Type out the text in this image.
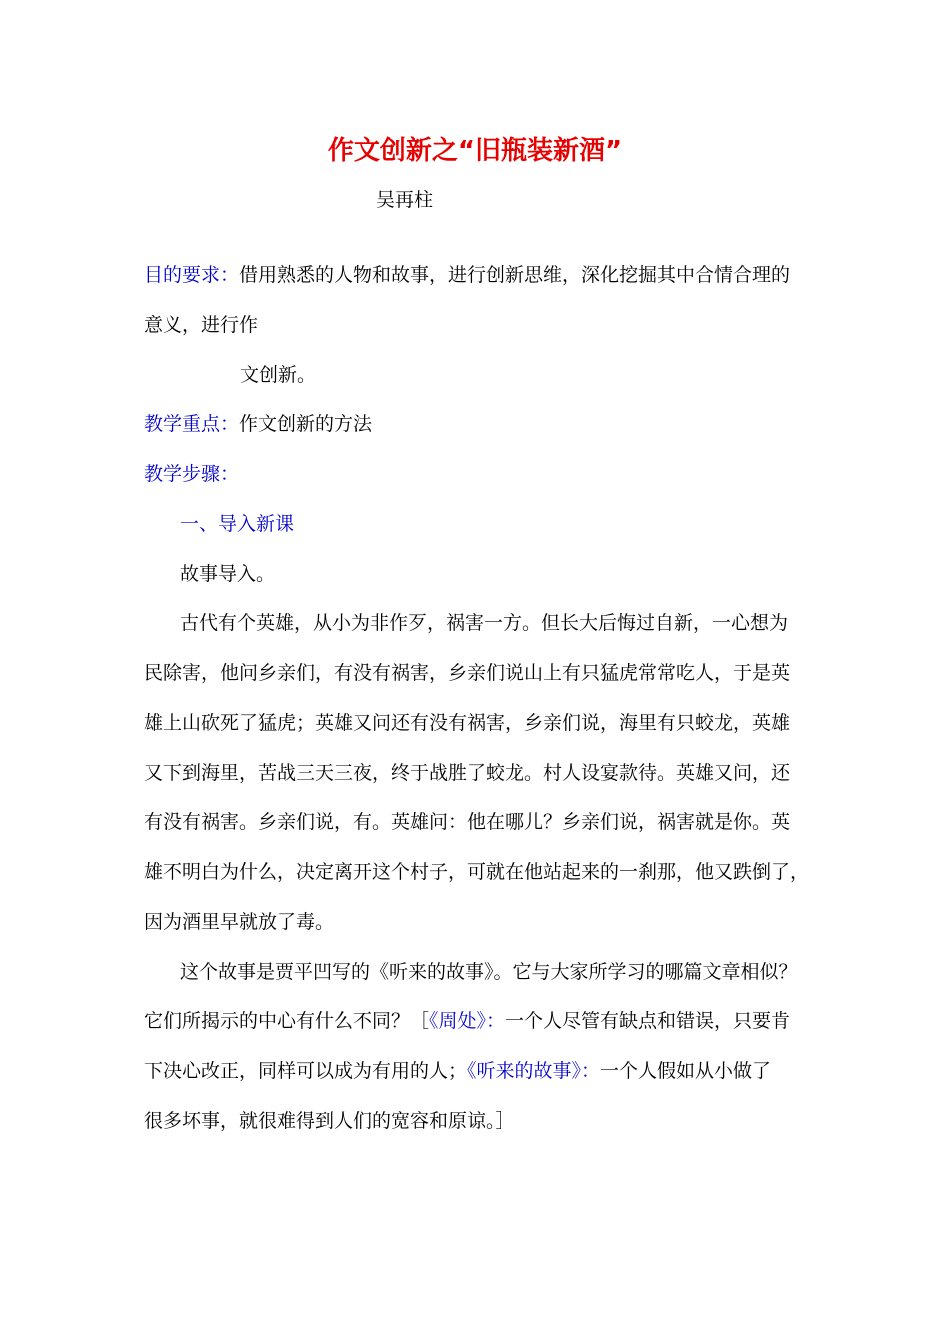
作文创新之“旧瓶装新酒”
吴再柱
目的要求：借用熟悉的人物和故事，进行创新思维，深化挖掘其中合情合理的
意义，进行作
文创新。
教学重点：作文创新的方法
教学步骤：
一、导入新课
故事导入。
古代有个英雄，从小为非作歹，祸害一方。但长大后悔过自新，一心想为
民除害，他问乡亲们，有没有祸害，乡亲们说山上有只猛虎常常吃人，于是英
雄上山砍死了猛虎；英雄又问还有没有祸害，乡亲们说，海里有只蛟龙，英雄
又下到海里，苦战三天三夜，终于战胜了蛟龙。村人设宴款待。英雄又问，还
有没有祸害。乡亲们说，有。英雄问：他在哪儿？乡亲们说，祸害就是你。英
雄不明白为什么，决定离开这个村子，可就在他站起来的一刹那，他又跌倒了，
因为酒里早就放了毒。
这个故事是贾平凹写的《听来的故事》。它与大家所学习的哪篇文章相似？
它们所揭示的中心有什么不同？［《周处》：一个人尽管有缺点和错误，只要肯
下决心改正，同样可以成为有用的人；《听来的故事》：一个人假如从小做了
很多坏事，就很难得到人们的宽容和原谅。］
